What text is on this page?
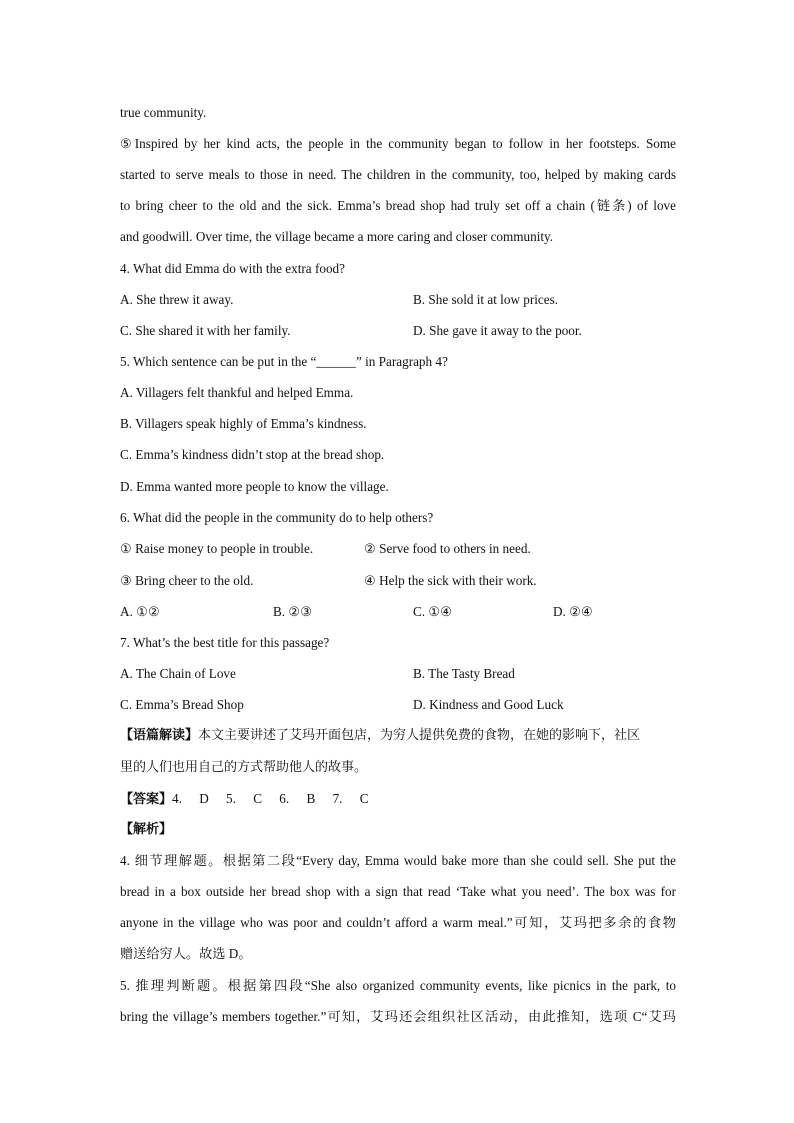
true community.
⑤Inspired by her kind acts, the people in the community began to follow in her footsteps. Some
started to serve meals to those in need. The children in the community, too, helped by making cards
to bring cheer to the old and the sick. Emma’s bread shop had truly set off a chain (链条) of love
and goodwill. Over time, the village became a more caring and closer community.
4. What did Emma do with the extra food?
A. She threw it away.	B. She sold it at low prices.
C. She shared it with her family.	D. She gave it away to the poor.
5. Which sentence can be put in the “______” in Paragraph 4?
A. Villagers felt thankful and helped Emma.
B. Villagers speak highly of Emma’s kindness.
C. Emma’s kindness didn’t stop at the bread shop.
D. Emma wanted more people to know the village.
6. What did the people in the community do to help others?
① Raise money to people in trouble.	② Serve food to others in need.
③ Bring cheer to the old.	④ Help the sick with their work.
A. ①②	B. ②③	C. ①④	D. ②④
7. What’s the best title for this passage?
A. The Chain of Love	B. The Tasty Bread
C. Emma’s Bread Shop	D. Kindness and Good Luck
【语篇解读】本文主要讲述了艾玛开面包店，为穷人提供免费的食物，在她的影响下，社区
里的人们也用自己的方式帮助他人的故事。
【答案】4. D 5. C 6. B 7. C
【解析】
4. 细节理解题。根据第二段“Every day, Emma would bake more than she could sell. She put the
bread in a box outside her bread shop with a sign that read ‘Take what you need’. The box was for
anyone in the village who was poor and couldn’t afford a warm meal.”可知，艾玛把多余的食物
赠送给穷人。故选 D。
5. 推理判断题。根据第四段“She also organized community events, like picnics in the park, to
bring the village’s members together.”可知，艾玛还会组织社区活动，由此推知，选项 C“艾玛
